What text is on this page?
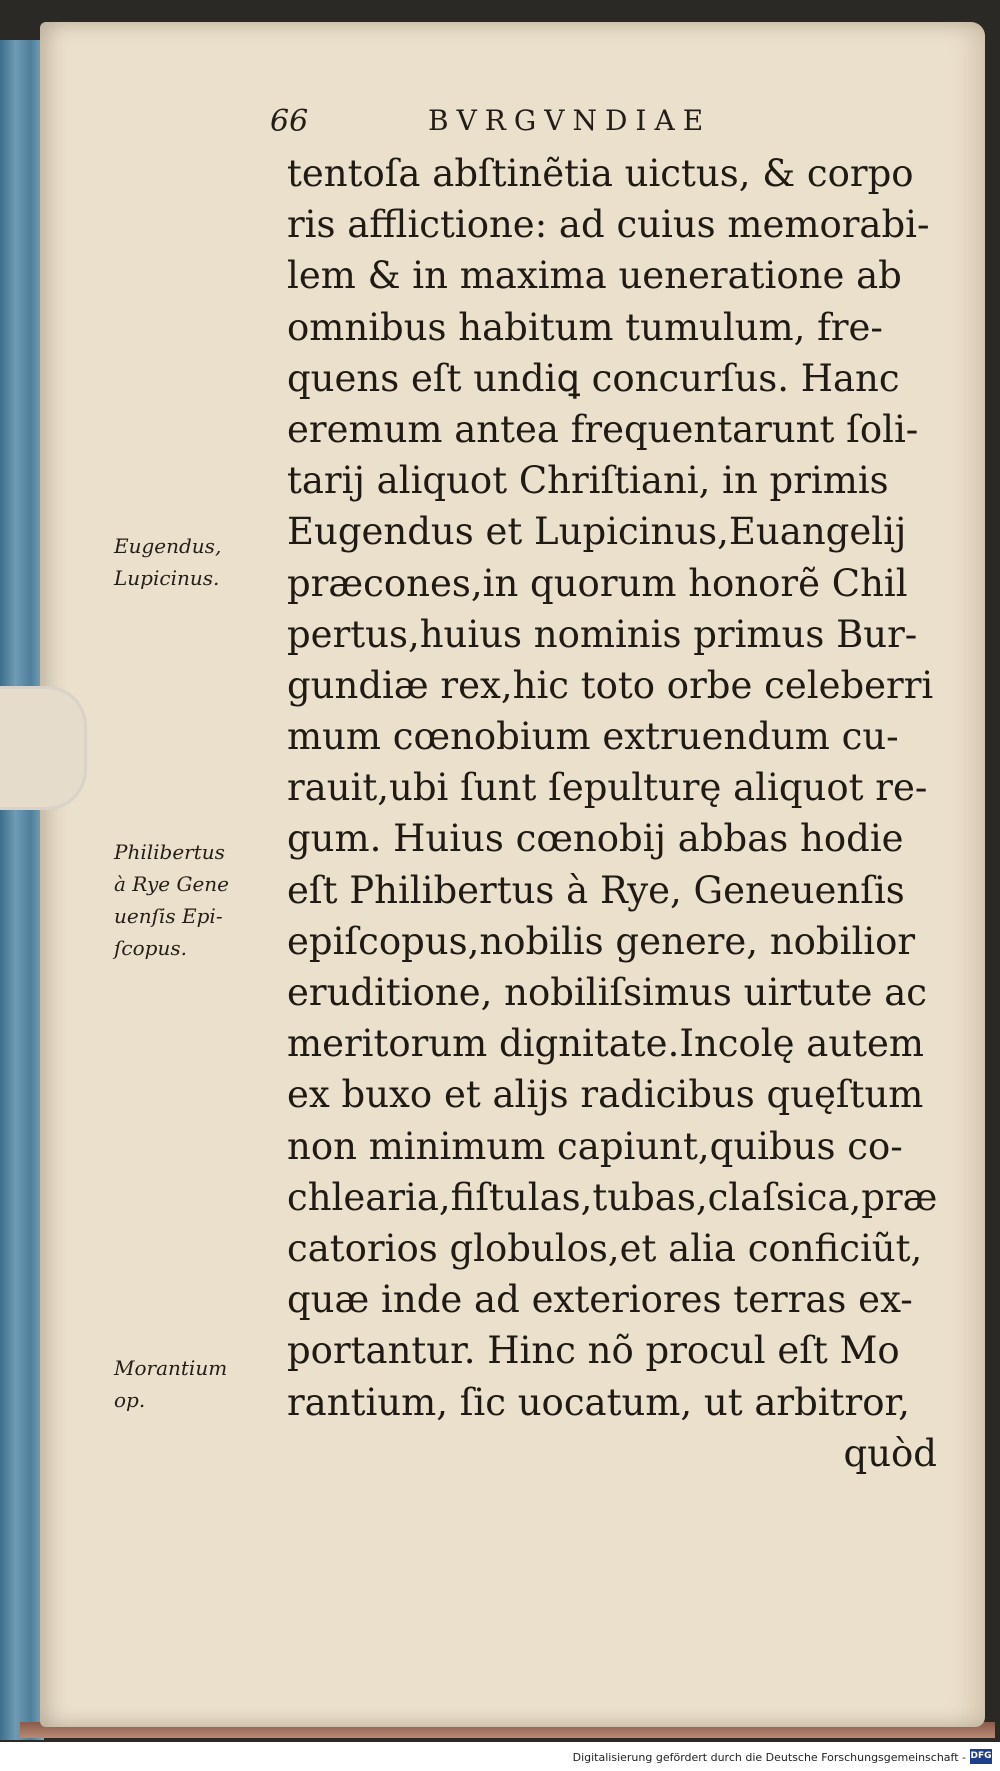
66	BVRGVNDIAE
tentoſa abſtinẽtia uictus, & corpo
ris afflictione: ad cuius memorabi-
lem & in maxima ueneratione ab
omnibus habitum tumulum, fre-
quens eſt undiꝗ concurſus. Hanc
eremum antea frequentarunt ſoli-
tarij aliquot Chriſtiani, in primis
Eugendus et Lupicinus,Euangelij
præcones,in quorum honorẽ Chil
pertus,huius nominis primus Bur-
gundiæ rex,hic toto orbe celeberri
mum cœnobium extruendum cu-
rauit,ubi ſunt ſepulturę aliquot re-
gum. Huius cœnobij abbas hodie
eſt Philibertus à Rye, Geneuenſis
epiſcopus,nobilis genere, nobilior
eruditione, nobiliſsimus uirtute ac
meritorum dignitate.Incolę autem
ex buxo et alijs radicibus quęſtum
non minimum capiunt,quibus co-
chlearia,fiſtulas,tubas,claſsica,præ
catorios globulos,et alia conficiũt,
quæ inde ad exteriores terras ex-
portantur. Hinc nõ procul eſt Mo
rantium, ſic uocatum, ut arbitror,
quòd
Eugendus,
Lupicinus.
Philibertus
à Rye Gene
uenſis Epi-
ſcopus.
Morantium
op.
Digitalisierung gefördert durch die Deutsche Forschungsgemeinschaft - DFG
